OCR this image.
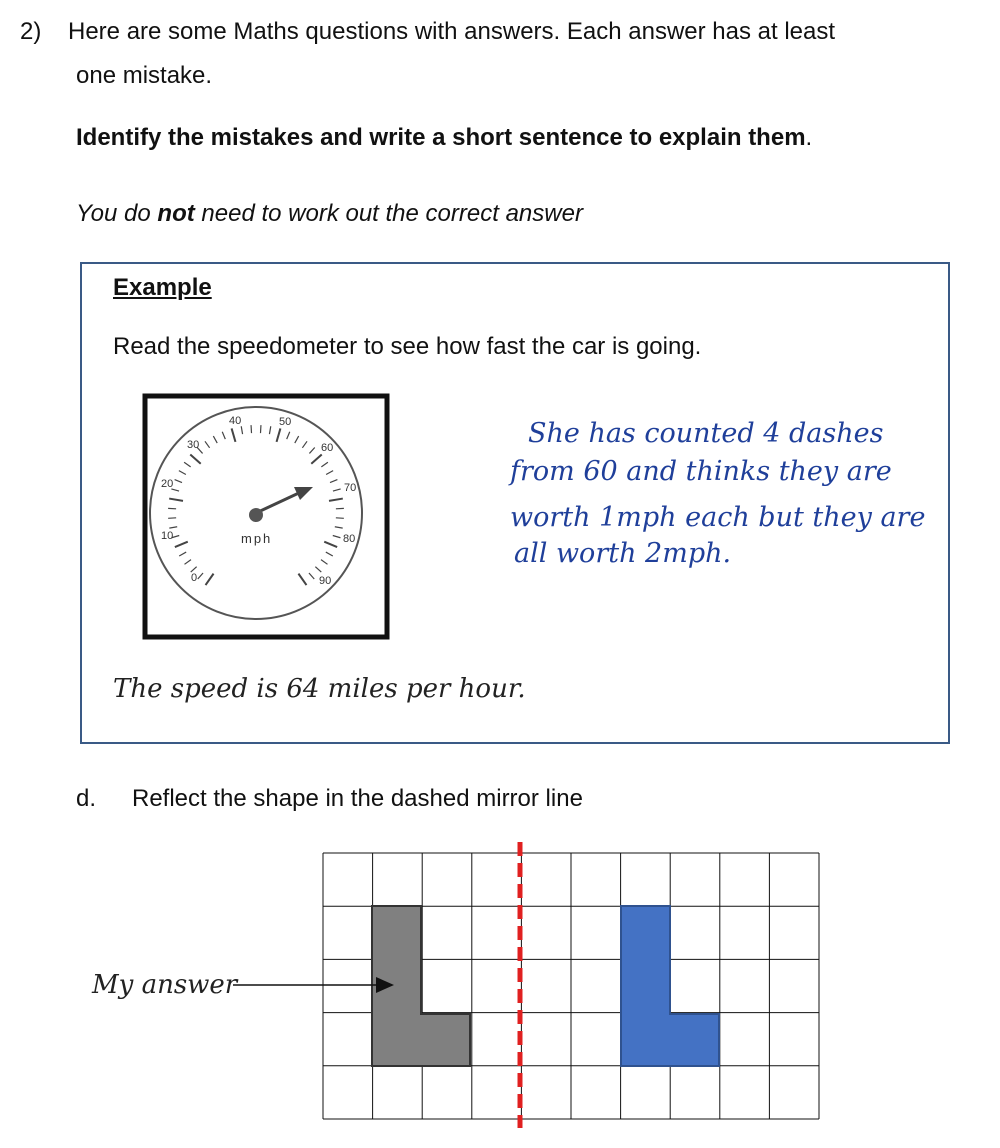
2) Here are some Maths questions with answers. Each answer has at least
one mistake.
Identify the mistakes and write a short sentence to explain them.
You do not need to work out the correct answer
Example
Read the speedometer to see how fast the car is going.
mph
0
10
20
30
40	50
60
70
80
90
She has counted 4 dashes
from 60 and thinks they are
worth 1mph each but they are
all worth 2mph.
The speed is 64 miles per hour.
d. Reflect the shape in the dashed mirror line
My answer
